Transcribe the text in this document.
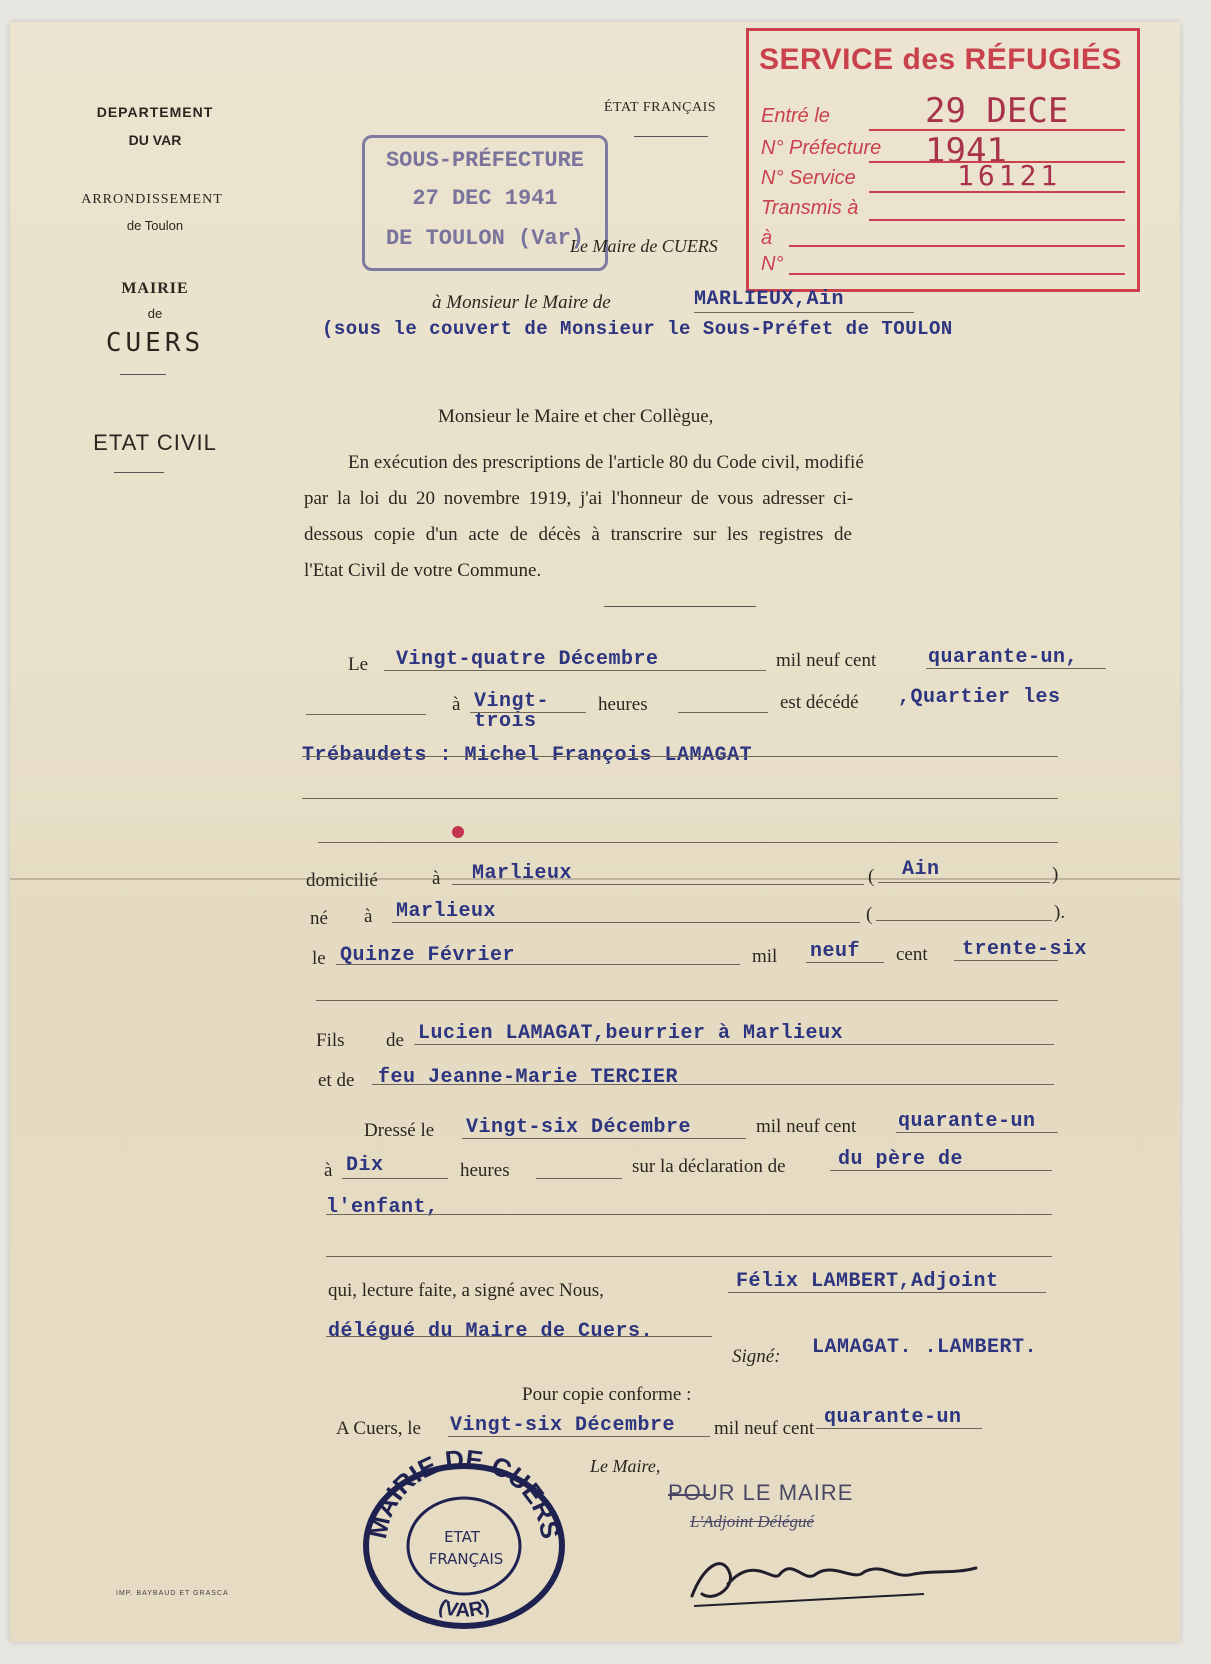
DEPARTEMENT
DU VAR
ARRONDISSEMENT
de Toulon
MAIRIE
de
CUERS
ETAT CIVIL
ÉTAT FRANÇAIS
SOUS-PRÉFECTURE
27 DEC 1941
DE TOULON (Var)
Le Maire de CUERS
SERVICE des RÉFUGIÉS
Entré le	29 DECE 1941
N° Préfecture
N° Service	16121
Transmis à
à
N°
à Monsieur le Maire de	MARLIEUX,Ain
(sous le couvert de Monsieur le Sous-Préfet de TOULON
Monsieur le Maire et cher Collègue,
En exécution des prescriptions de l'article 80 du Code civil, modifié
par la loi du 20 novembre 1919, j'ai l'honneur de vous adresser ci-
dessous copie d'un acte de décès à transcrire sur les registres de
l'Etat Civil de votre Commune.
Le Vingt-quatre Décembre	mil neuf cent	quarante-un,
à Vingt-
trois
heures	est décédé ,Quartier les
Trébaudets : Michel François LAMAGAT
domicilié	à Marlieux	( Ain	)
né à Marlieux	(	).
le Quinze Février	mil neuf cent trente-six
Fils de Lucien LAMAGAT,beurrier à Marlieux
et de feu Jeanne-Marie TERCIER
Dressé le Vingt-six Décembre	mil neuf cent quarante-un
à Dix	heures	sur la déclaration de	du père de
l'enfant,
qui, lecture faite, a signé avec Nous,	Félix LAMBERT,Adjoint
délégué du Maire de Cuers.
Signé: LAMAGAT. .LAMBERT.
Pour copie conforme :
A Cuers, le Vingt-six Décembre mil neuf cent quarante-un
Le Maire,
POUR LE MAIRE
L'Adjoint Délégué
MAIRIE DE CUERS
(VAR)
ETAT
FRANÇAIS
IMP. BAYBAUD ET GRASCA
